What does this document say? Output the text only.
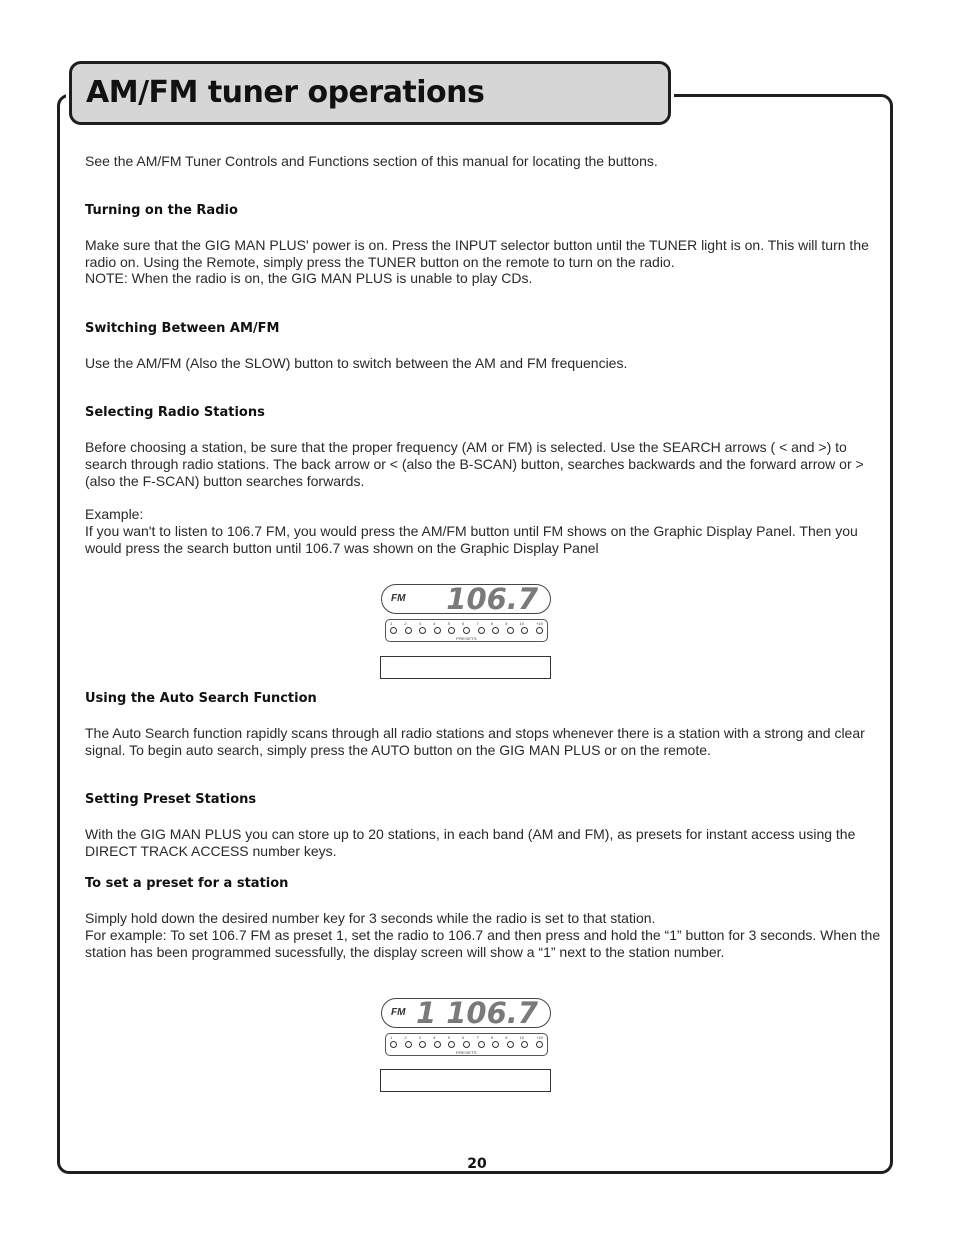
AM/FM tuner operations

See the AM/FM Tuner Controls and Functions section of this manual for locating the buttons.

Turning on the Radio

Make sure that the GIG MAN PLUS' power is on. Press the INPUT selector button until the TUNER light is on. This will turn the radio on. Using the Remote, simply press the TUNER button on the remote to turn on the radio.

NOTE: When the radio is on, the GIG MAN PLUS is unable to play CDs.

Switching Between AM/FM

Use the AM/FM (Also the SLOW) button to switch between the AM and FM frequencies.

Selecting Radio Stations

Before choosing a station, be sure that the proper frequency (AM or FM) is selected. Use the SEARCH arrows ( < and >) to search through radio stations. The back arrow or < (also the B-SCAN) button, searches backwards and the forward arrow or > (also the F-SCAN) button searches forwards.

Example:

If you wan't to listen to 106.7 FM, you would press the AM/FM button until FM shows on the Graphic Display Panel. Then you would press the search button until 106.7 was shown on the Graphic Display Panel

FM 106.7
1	2	3	4	5	6	7	8	9	10	+10
PRESETS

Using the Auto Search Function

The Auto Search function rapidly scans through all radio stations and stops whenever there is a station with a strong and clear signal. To begin auto search, simply press the AUTO button on the GIG MAN PLUS or on the remote.

Setting Preset Stations

With the GIG MAN PLUS you can store up to 20 stations, in each band (AM and FM), as presets for instant access using the DIRECT TRACK ACCESS number keys.

To set a preset for a station

Simply hold down the desired number key for 3 seconds while the radio is set to that station.

For example: To set 106.7 FM as preset 1, set the radio to 106.7 and then press and hold the “1” button for 3 seconds. When the station has been programmed sucessfully, the display screen will show a “1” next to the station number.

FM 1 106.7
1	2	3	4	5	6	7	8	9	10	+10
PRESETS
20
